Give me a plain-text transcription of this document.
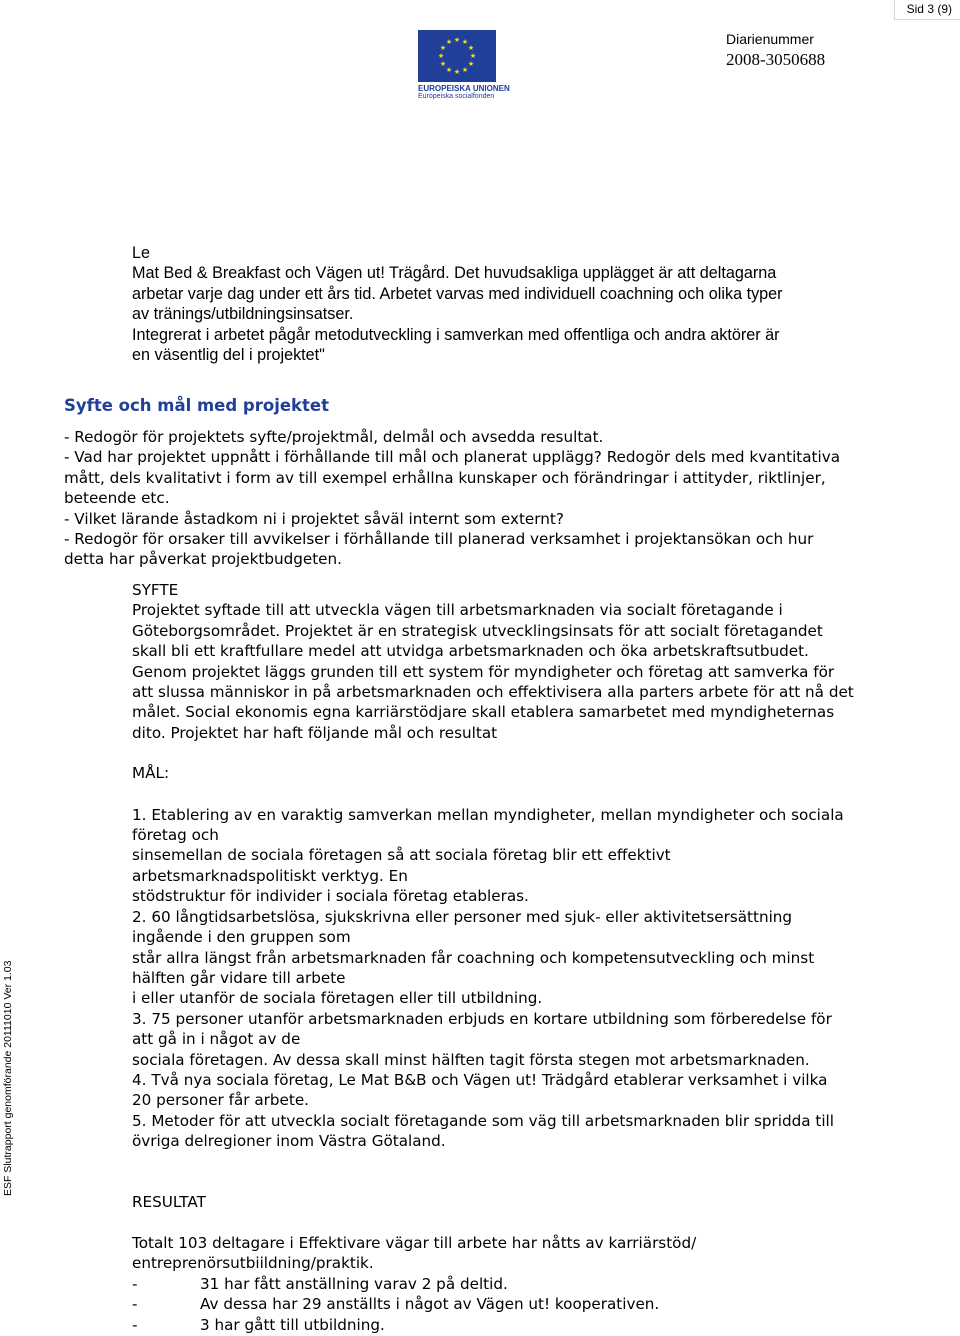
Sid 3 (9)
★ ★
★
★
★
★
★
★
★
★
★
★
EUROPEISKA UNIONEN
Europeiska socialfonden
Diarienummer
2008-3050688
ESF Slutrapport genomförande 20111010 Ver 1.03
Le
Mat Bed & Breakfast och Vägen ut! Trägård. Det huvudsakliga upplägget är att deltagarna
arbetar varje dag under ett års tid. Arbetet varvas med individuell coachning och olika typer
av tränings/utbildningsinsatser.
Integrerat i arbetet pågår metodutveckling i samverkan med offentliga och andra aktörer är
en väsentlig del i projektet"
Syfte och mål med projektet
- Redogör för projektets syfte/projektmål, delmål och avsedda resultat.
- Vad har projektet uppnått i förhållande till mål och planerat upplägg? Redogör dels med kvantitativa
mått, dels kvalitativt i form av till exempel erhållna kunskaper och förändringar i attityder, riktlinjer,
beteende etc.
- Vilket lärande åstadkom ni i projektet såväl internt som externt?
- Redogör för orsaker till avvikelser i förhållande till planerad verksamhet i projektansökan och hur
detta har påverkat projektbudgeten.
SYFTE
Projektet syftade till att utveckla vägen till arbetsmarknaden via socialt företagande i
Göteborgsområdet. Projektet är en strategisk utvecklingsinsats för att socialt företagandet
skall bli ett kraftfullare medel att utvidga arbetsmarknaden och öka arbetskraftsutbudet.
Genom projektet läggs grunden till ett system för myndigheter och företag att samverka för
att slussa människor in på arbetsmarknaden och effektivisera alla parters arbete för att nå det
målet. Social ekonomis egna karriärstödjare skall etablera samarbetet med myndigheternas
dito. Projektet har haft följande mål och resultat
MÅL:
1. Etablering av en varaktig samverkan mellan myndigheter, mellan myndigheter och sociala
företag och
sinsemellan de sociala företagen så att sociala företag blir ett effektivt
arbetsmarknadspolitiskt verktyg. En
stödstruktur för individer i sociala företag etableras.
2. 60 långtidsarbetslösa, sjukskrivna eller personer med sjuk- eller aktivitetsersättning
ingående i den gruppen som
står allra längst från arbetsmarknaden får coachning och kompetensutveckling och minst
hälften går vidare till arbete
i eller utanför de sociala företagen eller till utbildning.
3. 75 personer utanför arbetsmarknaden erbjuds en kortare utbildning som förberedelse för
att gå in i något av de
sociala företagen. Av dessa skall minst hälften tagit första stegen mot arbetsmarknaden.
4. Två nya sociala företag, Le Mat B&B och Vägen ut! Trädgård etablerar verksamhet i vilka
20 personer får arbete.
5. Metoder för att utveckla socialt företagande som väg till arbetsmarknaden blir spridda till
övriga delregioner inom Västra Götaland.
RESULTAT
Totalt 103 deltagare i Effektivare vägar till arbete har nåtts av karriärstöd/
entreprenörsutbiildning/praktik.
-	31 har fått anställning varav 2 på deltid.
-	Av dessa har 29 anställts i något av Vägen ut! kooperativen.
-	3 har gått till utbildning.
